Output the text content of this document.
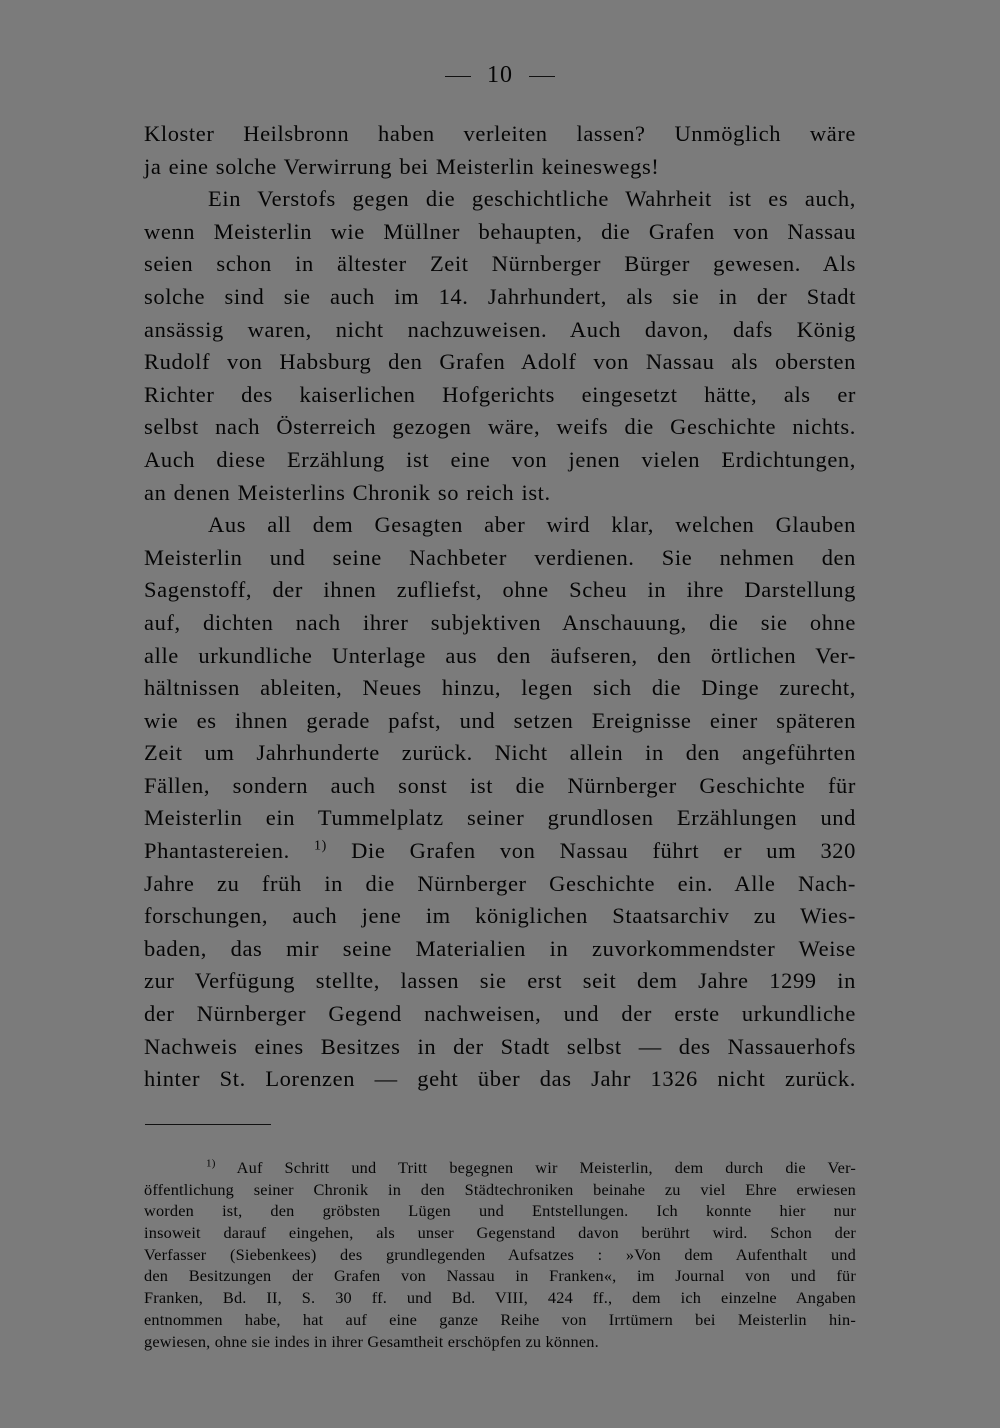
10
Kloster Heilsbronn haben verleiten lassen? Unmöglich wäre
ja eine solche Verwirrung bei Meisterlin keineswegs!
Ein Verstofs gegen die geschichtliche Wahrheit ist es auch,
wenn Meisterlin wie Müllner behaupten, die Grafen von Nassau
seien schon in ältester Zeit Nürnberger Bürger gewesen. Als
solche sind sie auch im 14. Jahrhundert, als sie in der Stadt
ansässig waren, nicht nachzuweisen. Auch davon, dafs König
Rudolf von Habsburg den Grafen Adolf von Nassau als obersten
Richter des kaiserlichen Hofgerichts eingesetzt hätte, als er
selbst nach Österreich gezogen wäre, weifs die Geschichte nichts.
Auch diese Erzählung ist eine von jenen vielen Erdichtungen,
an denen Meisterlins Chronik so reich ist.
Aus all dem Gesagten aber wird klar, welchen Glauben
Meisterlin und seine Nachbeter verdienen. Sie nehmen den
Sagenstoff, der ihnen zufliefst, ohne Scheu in ihre Darstellung
auf, dichten nach ihrer subjektiven Anschauung, die sie ohne
alle urkundliche Unterlage aus den äufseren, den örtlichen Ver-
hältnissen ableiten, Neues hinzu, legen sich die Dinge zurecht,
wie es ihnen gerade pafst, und setzen Ereignisse einer späteren
Zeit um Jahrhunderte zurück. Nicht allein in den angeführten
Fällen, sondern auch sonst ist die Nürnberger Geschichte für
Meisterlin ein Tummelplatz seiner grundlosen Erzählungen und
Phantastereien. $^{1)}$ Die Grafen von Nassau führt er um 320
Jahre zu früh in die Nürnberger Geschichte ein. Alle Nach-
forschungen, auch jene im königlichen Staatsarchiv zu Wies-
baden, das mir seine Materialien in zuvorkommendster Weise
zur Verfügung stellte, lassen sie erst seit dem Jahre 1299 in
der Nürnberger Gegend nachweisen, und der erste urkundliche
Nachweis eines Besitzes in der Stadt selbst — des Nassauerhofs
hinter St. Lorenzen — geht über das Jahr 1326 nicht zurück.
$^{1)}$ Auf Schritt und Tritt begegnen wir Meisterlin, dem durch die Ver-
öffentlichung seiner Chronik in den Städtechroniken beinahe zu viel Ehre erwiesen
worden ist, den gröbsten Lügen und Entstellungen. Ich konnte hier nur
insoweit darauf eingehen, als unser Gegenstand davon berührt wird. Schon der
Verfasser (Siebenkees) des grundlegenden Aufsatzes : »Von dem Aufenthalt und
den Besitzungen der Grafen von Nassau in Franken«, im Journal von und für
Franken, Bd. II, S. 30 ff. und Bd. VIII, 424 ff., dem ich einzelne Angaben
entnommen habe, hat auf eine ganze Reihe von Irrtümern bei Meisterlin hin-
gewiesen, ohne sie indes in ihrer Gesamtheit erschöpfen zu können.
